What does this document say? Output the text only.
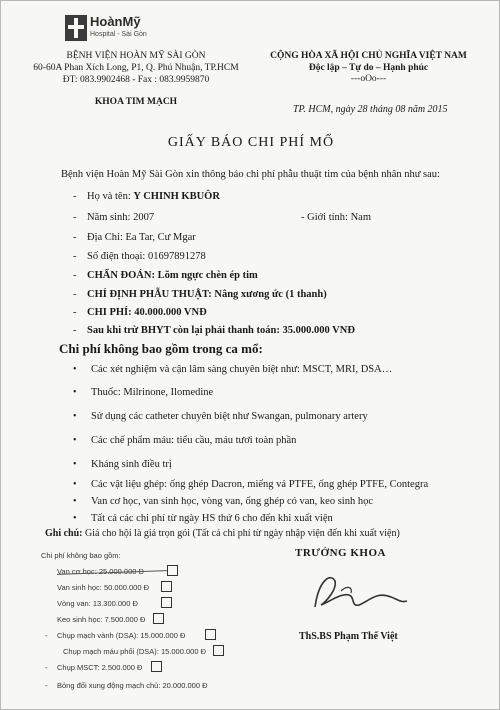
HoànMỹ
Hospital - Sài Gòn
BỆNH VIỆN HOÀN MỸ SÀI GÒN
60-60A Phan Xích Long, P1, Q. Phú Nhuận, TP.HCM
ĐT: 083.9902468 - Fax : 083.9959870
KHOA TIM MẠCH
CỘNG HÒA XÃ HỘI CHỦ NGHĨA VIỆT NAM
Độc lập – Tự do – Hạnh phúc
---oOo---
TP. HCM, ngày 28 tháng 08 năm 2015
GIẤY BÁO CHI PHÍ MỔ
Bệnh viện Hoàn Mỹ Sài Gòn xin thông báo chi phí phẫu thuật tim của bệnh nhân như sau:
- Họ và tên: Y CHINH KBUÔR
- Năm sinh: 2007	- Giới tính: Nam
- Địa Chỉ: Ea Tar, Cư Mgar
- Số điện thoại: 01697891278
- CHẨN ĐOÁN: Lõm ngực chèn ép tim
- CHỈ ĐỊNH PHẪU THUẬT: Nâng xương ức (1 thanh)
- CHI PHÍ: 40.000.000 VNĐ
- Sau khi trừ BHYT còn lại phải thanh toán: 35.000.000 VNĐ
Chi phí không bao gồm trong ca mổ:
• Các xét nghiệm và cận lâm sàng chuyên biệt như: MSCT, MRI, DSA…
• Thuốc: Milrinone, Ilomedine
• Sử dụng các catheter chuyên biệt như Swangan, pulmonary artery
• Các chế phẩm máu: tiểu cầu, máu tươi toàn phần
• Kháng sinh điều trị
• Các vật liệu ghép: ống ghép Dacron, miếng vá PTFE, ống ghép PTFE, Contegra
• Van cơ học, van sinh học, vòng van, ống ghép có van, keo sinh học
• Tất cả các chi phí từ ngày HS thứ 6 cho đến khi xuất viện
Ghi chú: Giá cho hội là giá trọn gói (Tất cả chi phí từ ngày nhập viện đến khi xuất viện)
TRƯỞNG KHOA
ThS.BS Phạm Thế Việt
Chi phí không bao gồm:
Van cơ học: 25.000.000 Đ
Van sinh học: 50.000.000 Đ
Vòng van: 13.300.000 Đ
Keo sinh học: 7.500.000 Đ
Chụp mạch vành (DSA): 15.000.000 Đ
Chụp mạch máu phổi (DSA): 15.000.000 Đ
Chụp MSCT: 2.500.000 Đ
Bóng đối xung động mạch chủ: 20.000.000 Đ
-
-
-
